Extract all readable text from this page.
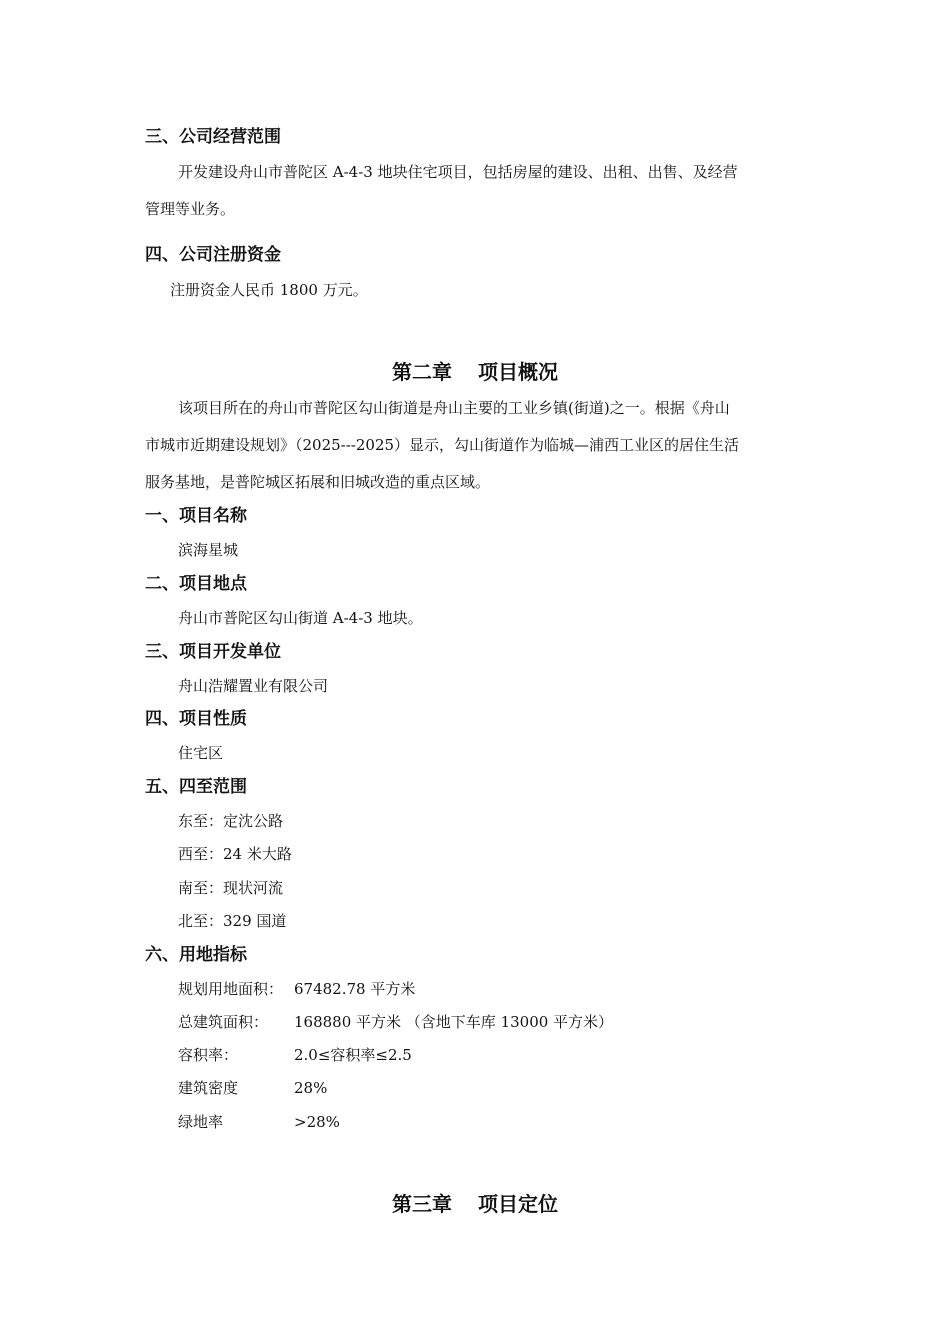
三、公司经营范围
开发建设舟山市普陀区 A-4-3 地块住宅项目，包括房屋的建设、出租、出售、及经营
管理等业务。
四、公司注册资金
注册资金人民币 1800 万元。
第二章 项目概况
该项目所在的舟山市普陀区勾山街道是舟山主要的工业乡镇(街道)之一。根据《舟山
市城市近期建设规划》（2025---2025）显示，勾山街道作为临城—浦西工业区的居住生活
服务基地，是普陀城区拓展和旧城改造的重点区域。
一、项目名称
滨海星城
二、项目地点
舟山市普陀区勾山街道 A-4-3 地块。
三、项目开发单位
舟山浩耀置业有限公司
四、项目性质
住宅区
五、四至范围
东至：定沈公路
西至：24 米大路
南至：现状河流
北至：329 国道
六、用地指标
规划用地面积： 67482.78 平方米
总建筑面积： 168880 平方米 （含地下车库 13000 平方米）
容积率：	2.0≤容积率≤2.5
建筑密度	28%
绿地率	>28%
第三章 项目定位
